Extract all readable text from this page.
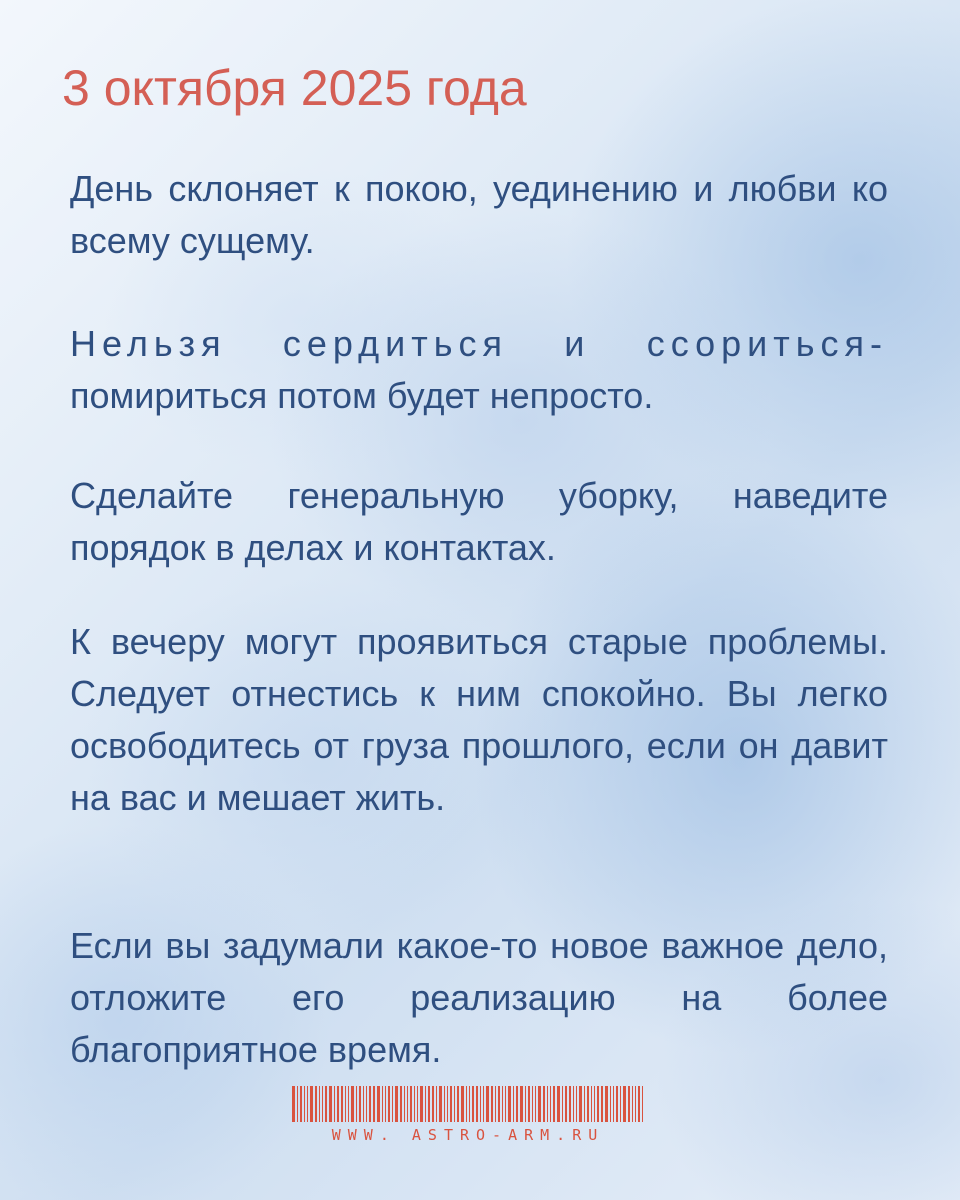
3 октября 2025 года

День склоняет к покою, уединению и любви ко всему сущему.

Нельзя сердиться и ссориться-
помириться потом будет непросто.

Сделайте генеральную уборку, наведите порядок в делах и контактах.

К вечеру могут проявиться старые проблемы. Следует отнестись к ним спокойно. Вы легко освободитесь от груза прошлого, если он давит на вас и мешает жить.

Если вы задумали какое-то новое важное дело, отложите его реализацию на более благоприятное время.

WWW. ASTRO-ARM.RU
